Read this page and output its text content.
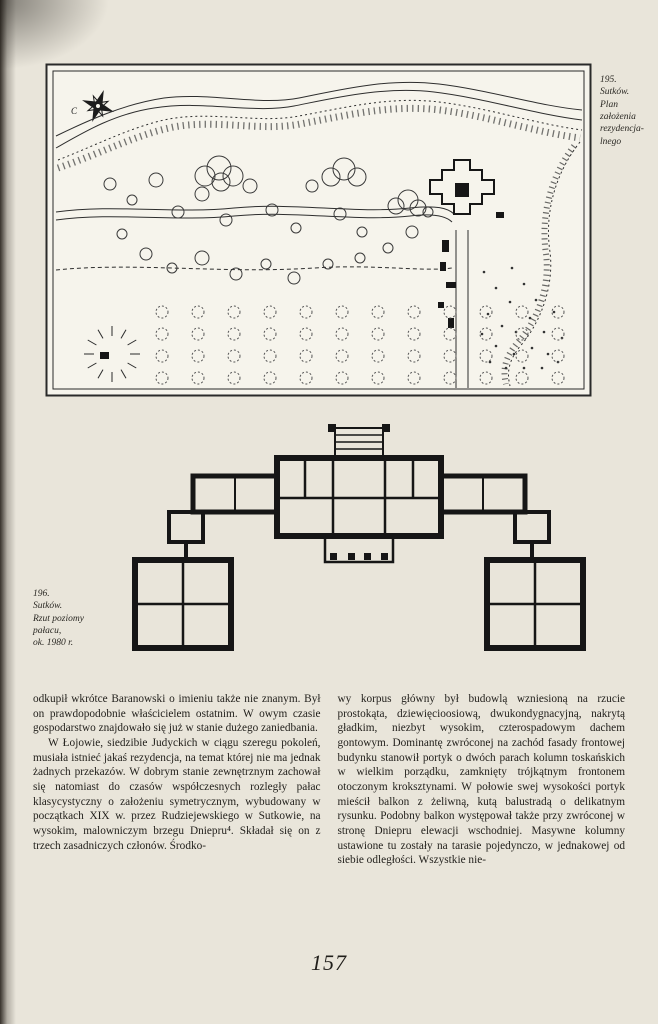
C
195.
Sutków.
Plan
założenia
rezydencja-
lnego
196.
Sutków.
Rzut poziomy
pałacu,
ok. 1980 r.

odkupił wkrótce Baranowski o imieniu także nie znanym. Był on prawdopodobnie właścicielem ostatnim. W owym czasie gospodarstwo znajdowało się już w stanie dużego zaniedbania.

W Łojowie, siedzibie Judyckich w ciągu szeregu pokoleń, musiała istnieć jakaś rezydencja, na temat której nie ma jednak żadnych przekazów. W dobrym stanie zewnętrznym zachował się natomiast do czasów współczesnych rozległy pałac klasycystyczny o założeniu symetrycznym, wybudowany w początkach XIX w. przez Rudziejewskiego w Sutkowie, na wysokim, malowniczym brzegu Dniepru⁴. Składał się on z trzech zasadniczych członów. Środko-

wy korpus główny był budowlą wzniesioną na rzucie prostokąta, dziewięcioosiową, dwukondygnacyjną, nakrytą gładkim, niezbyt wysokim, czterospadowym dachem gontowym. Dominantę zwróconej na zachód fasady frontowej budynku stanowił portyk o dwóch parach kolumn toskańskich w wielkim porządku, zamknięty trójkątnym frontonem otoczonym kroksztynami. W połowie swej wysokości portyk mieścił balkon z żeliwną, kutą balustradą o delikatnym rysunku. Podobny balkon występował także przy zwróconej w stronę Dniepru elewacji wschodniej. Masywne kolumny ustawione tu zostały na tarasie pojedynczo, w jednakowej od siebie odległości. Wszystkie nie-

157
